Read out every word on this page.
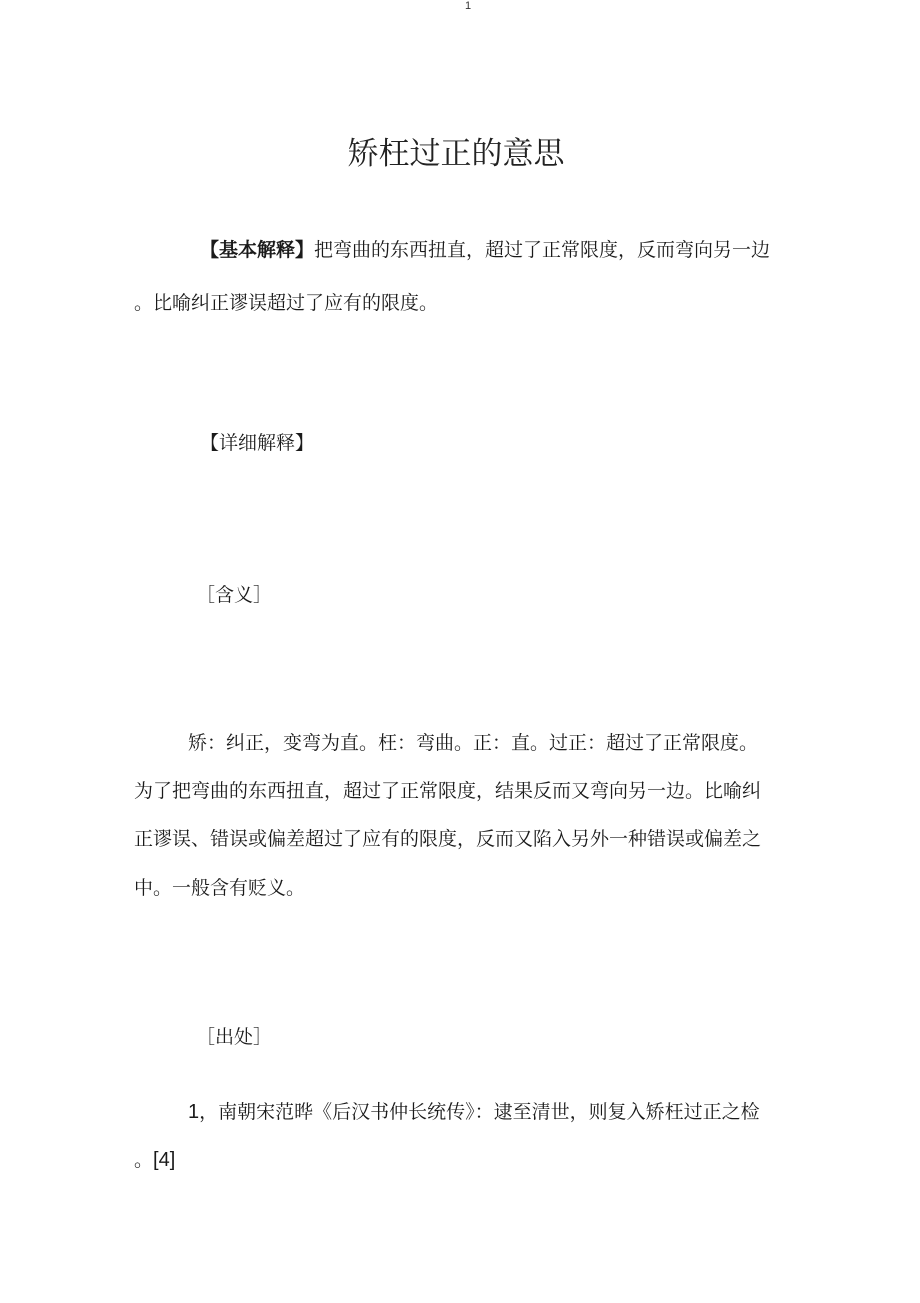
1
矫枉过正的意思
【基本解释】把弯曲的东西扭直，超过了正常限度，反而弯向另一边
。比喻纠正谬误超过了应有的限度。
【详细解释】
［含义］
矫：纠正，变弯为直。枉：弯曲。正：直。过正：超过了正常限度。
为了把弯曲的东西扭直，超过了正常限度，结果反而又弯向另一边。比喻纠
正谬误、错误或偏差超过了应有的限度，反而又陷入另外一种错误或偏差之
中。一般含有贬义。
［出处］
1，南朝宋范晔《后汉书仲长统传》：逮至清世，则复入矫枉过正之检
。[4]
